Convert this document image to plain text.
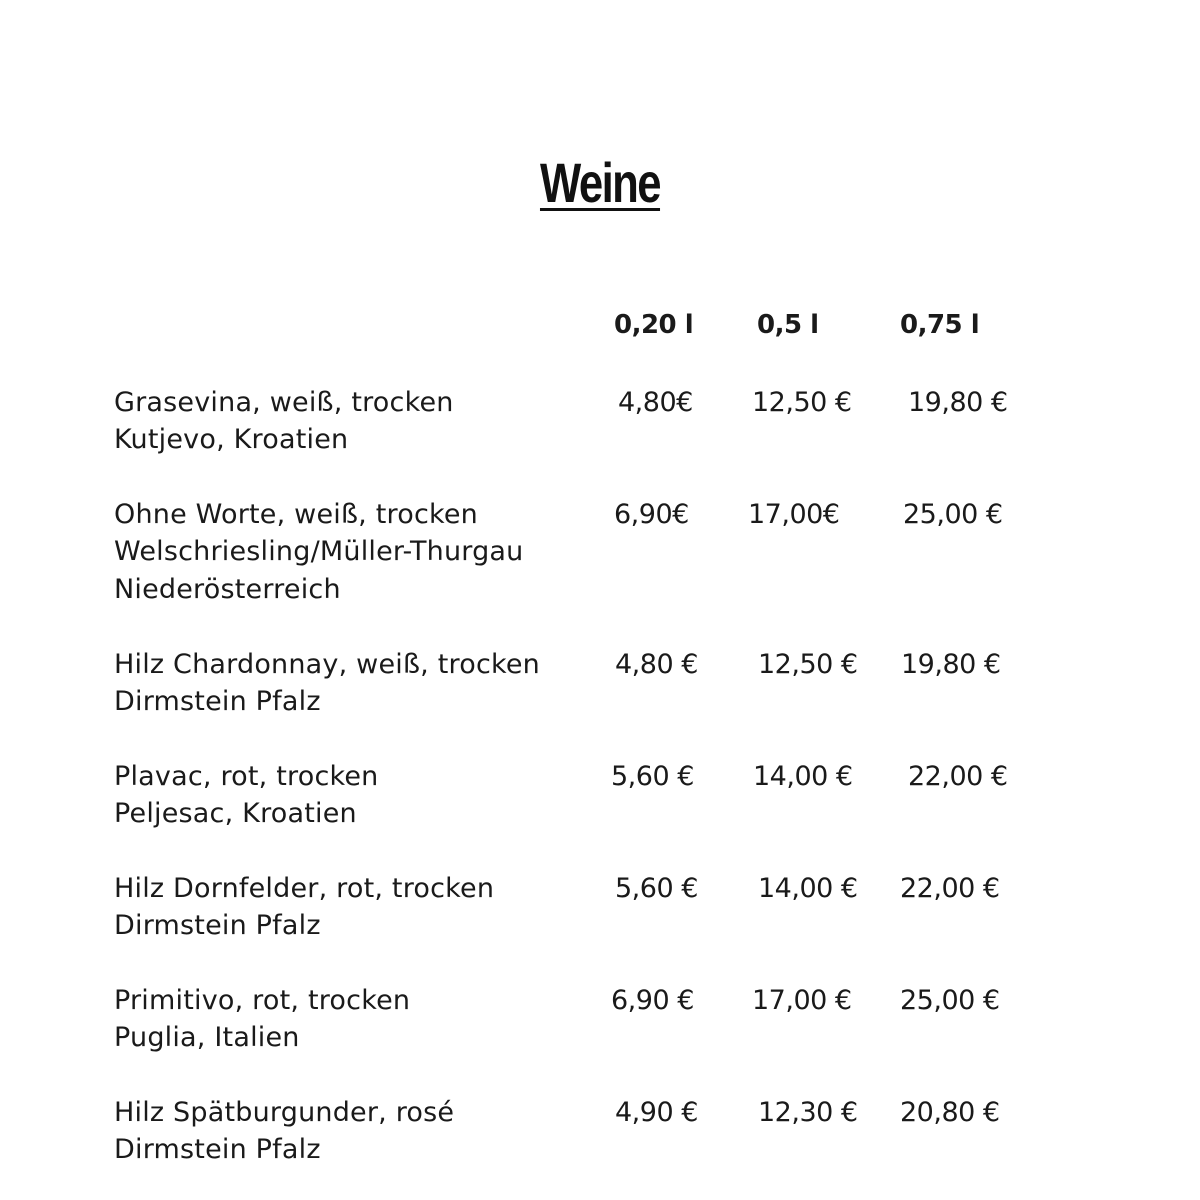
Weine
0,20 l 0,5 l	0,75 l
Grasevina, weiß, trocken
Kutjevo, Kroatien
4,80€ 12,50 € 19,80 €
Ohne Worte, weiß, trocken
Welschriesling/Müller-Thurgau
Niederösterreich
6,90€ 17,00€ 25,00 €
Hilz Chardonnay, weiß, trocken
Dirmstein Pfalz
4,80 € 12,50 € 19,80 €
Plavac, rot, trocken
Peljesac, Kroatien
5,60 € 14,00 € 22,00 €
Hilz Dornfelder, rot, trocken
Dirmstein Pfalz
5,60 € 14,00 € 22,00 €
Primitivo, rot, trocken
Puglia, Italien
6,90 € 17,00 € 25,00 €
Hilz Spätburgunder, rosé
Dirmstein Pfalz
4,90 € 12,30 € 20,80 €
